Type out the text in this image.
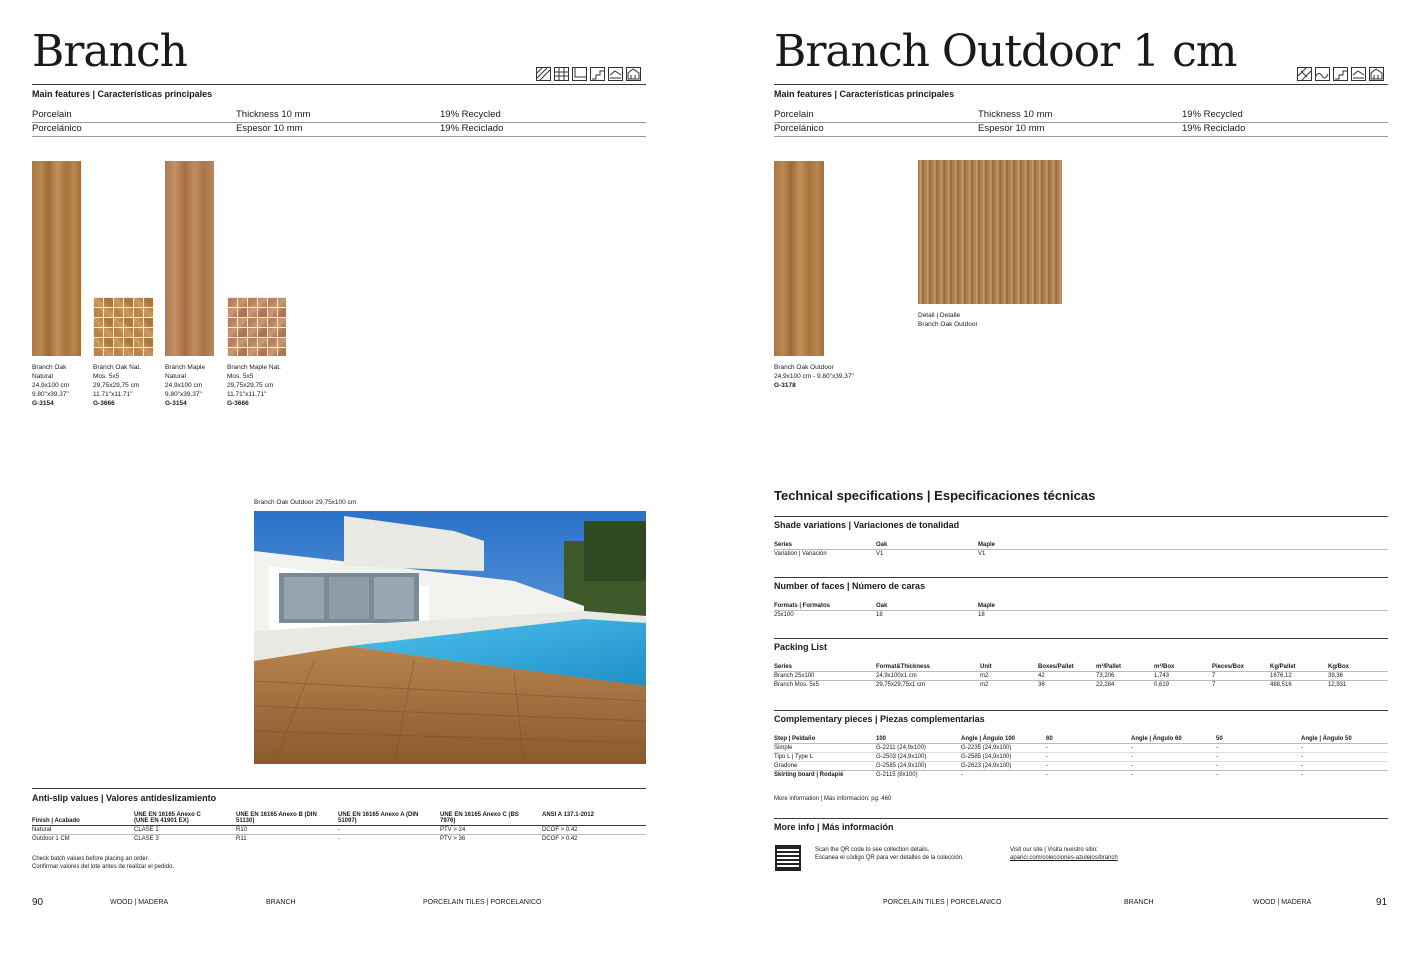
Branch
Main features | Características principales
Porcelain	Thickness 10 mm	19% Recycled
Porcelánico	Espesor 10 mm	19% Reciclado
Branch Oak
Natural
24,9x100 cm
9.80"x39.37"
G-3154
Branch Oak Nat.
Mos. 5x5
29,75x29,75 cm
11.71"x11.71"
G-3666
Branch Maple
Natural
24,9x100 cm
9.80"x39.37"
G-3154
Branch Maple Nat.
Mos. 5x5
29,75x29,75 cm
11.71"x11.71"
G-3666
Branch Oak Outdoor 29,75x100 cm
Anti-slip values | Valores antideslizamiento
Finish | Acabado	UNE EN 16165 Anexo C (UNE EN 41901 EX)	UNE EN 16165 Anexo B (DIN 51130)	UNE EN 16165 Anexo A (DIN 51097)	UNE EN 16165 Anexo C (BS 7976)	ANSI A 137.1-2012

Natural	CLASE 1	R10	-	PTV > 24	DCOF > 0.42

Outdoor 1 CM	CLASE 3	R11	-	PTV > 36	DCOF > 0.42
Check batch values before placing an order.
Confirmar valores del lote antes de realizar el pedido.
90	WOOD | MADERA	BRANCH	PORCELAIN TILES | PORCELANICO
Branch Outdoor 1 cm
Main features | Características principales
Porcelain	Thickness 10 mm	19% Recycled
Porcelánico	Espesor 10 mm	19% Reciclado
Detail | Detalle
Branch Oak Outdoor
Branch Oak Outdoor
24,9x100 cm - 9.80"x39.37"
G-3178
Technical specifications | Especificaciones técnicas
Shade variations | Variaciones de tonalidad
Series	Oak	Maple

Variation | Variación	V1	V1
Number of faces | Número de caras
Formats | Formatos	Oak	Maple

25x100	18	18
Packing List
Series	Format&Thickness	Unit	Boxes/Pallet	m²/Pallet	m²/Box	Pieces/Box	Kg/Pallet	Kg/Box

Branch 25x100	24,9x100x1 cm	m2	42	73,206	1,743	7	1676,12	39,36

Branch Mos. 5x5	29,75x29,75x1 cm	m2	36	22,284	0,619	7	488,516	12,931
Complementary pieces | Piezas complementarias
Step | Peldaño	100	Angle | Ángulo 100	60	Angle | Ángulo 60	50	Angle | Ángulo 50

Simple	G-2211 (24,9x100)	G-2235 (24,9x100)	-	-	-	-

Tipo L | Type L	G-2503 (24,9x100)	G-2585 (24,9x100)	-	-	-	-

Gradone	G-2585 (24,9x100)	G-2623 (24,9x100)	-	-	-	-

Skirting board | Rodapié	G-2115 (8x100)	-	-	-	-	-
More information | Más información: pg. 460
More info | Más información
Scan the QR code to see collection details.
Escanea el código QR para ver detalles de la colección.
Visit our site | Visita nuestro sitio:
aparici.com/colecciones-azulejos/branch
PORCELAIN TILES | PORCELANICO	BRANCH	WOOD | MADERA	91
